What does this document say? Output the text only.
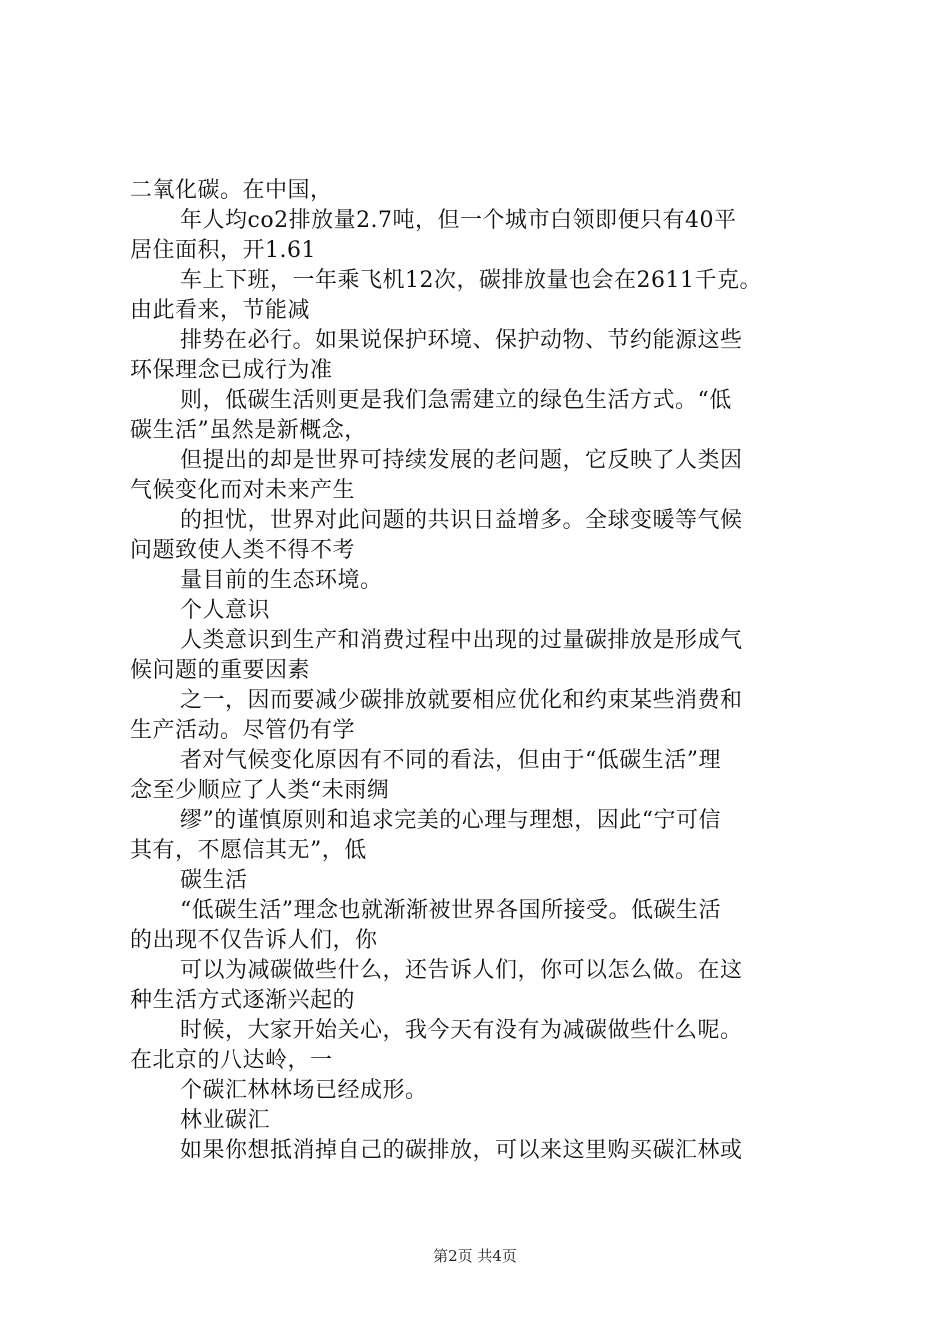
二氧化碳。在中国，
年人均co2排放量2.7吨，但一个城市白领即便只有40平
居住面积，开1.61
车上下班，一年乘飞机12次，碳排放量也会在2611千克。
由此看来，节能减
排势在必行。如果说保护环境、保护动物、节约能源这些
环保理念已成行为准
则，低碳生活则更是我们急需建立的绿色生活方式。“低
碳生活”虽然是新概念，
但提出的却是世界可持续发展的老问题，它反映了人类因
气候变化而对未来产生
的担忧，世界对此问题的共识日益增多。全球变暖等气候
问题致使人类不得不考
量目前的生态环境。
个人意识
人类意识到生产和消费过程中出现的过量碳排放是形成气
候问题的重要因素
之一，因而要减少碳排放就要相应优化和约束某些消费和
生产活动。尽管仍有学
者对气候变化原因有不同的看法，但由于“低碳生活”理
念至少顺应了人类“未雨绸
缪”的谨慎原则和追求完美的心理与理想，因此“宁可信
其有，不愿信其无”，低
碳生活
“低碳生活”理念也就渐渐被世界各国所接受。低碳生活
的出现不仅告诉人们，你
可以为减碳做些什么，还告诉人们，你可以怎么做。在这
种生活方式逐渐兴起的
时候，大家开始关心，我今天有没有为减碳做些什么呢。
在北京的八达岭，一
个碳汇林林场已经成形。
林业碳汇
如果你想抵消掉自己的碳排放，可以来这里购买碳汇林或
第2页 共4页
